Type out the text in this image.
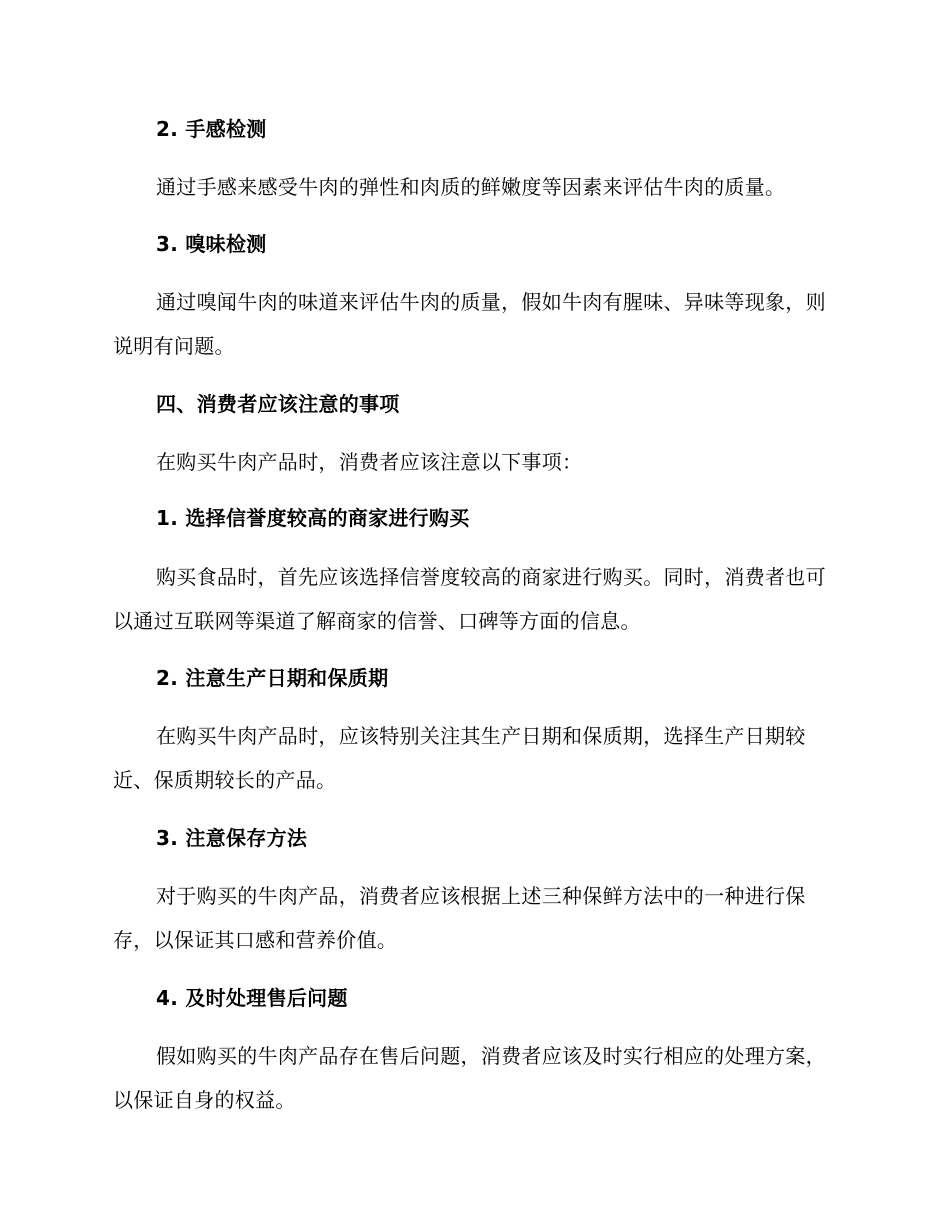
2. 手感检测

通过手感来感受牛肉的弹性和肉质的鲜嫩度等因素来评估牛肉的质量。

3. 嗅味检测

通过嗅闻牛肉的味道来评估牛肉的质量，假如牛肉有腥味、异味等现象，则说明有问题。

四、消费者应该注意的事项

在购买牛肉产品时，消费者应该注意以下事项：

1. 选择信誉度较高的商家进行购买

购买食品时，首先应该选择信誉度较高的商家进行购买。同时，消费者也可以通过互联网等渠道了解商家的信誉、口碑等方面的信息。

2. 注意生产日期和保质期

在购买牛肉产品时，应该特别关注其生产日期和保质期，选择生产日期较近、保质期较长的产品。

3. 注意保存方法

对于购买的牛肉产品，消费者应该根据上述三种保鲜方法中的一种进行保存，以保证其口感和营养价值。

4. 及时处理售后问题

假如购买的牛肉产品存在售后问题，消费者应该及时实行相应的处理方案，以保证自身的权益。
